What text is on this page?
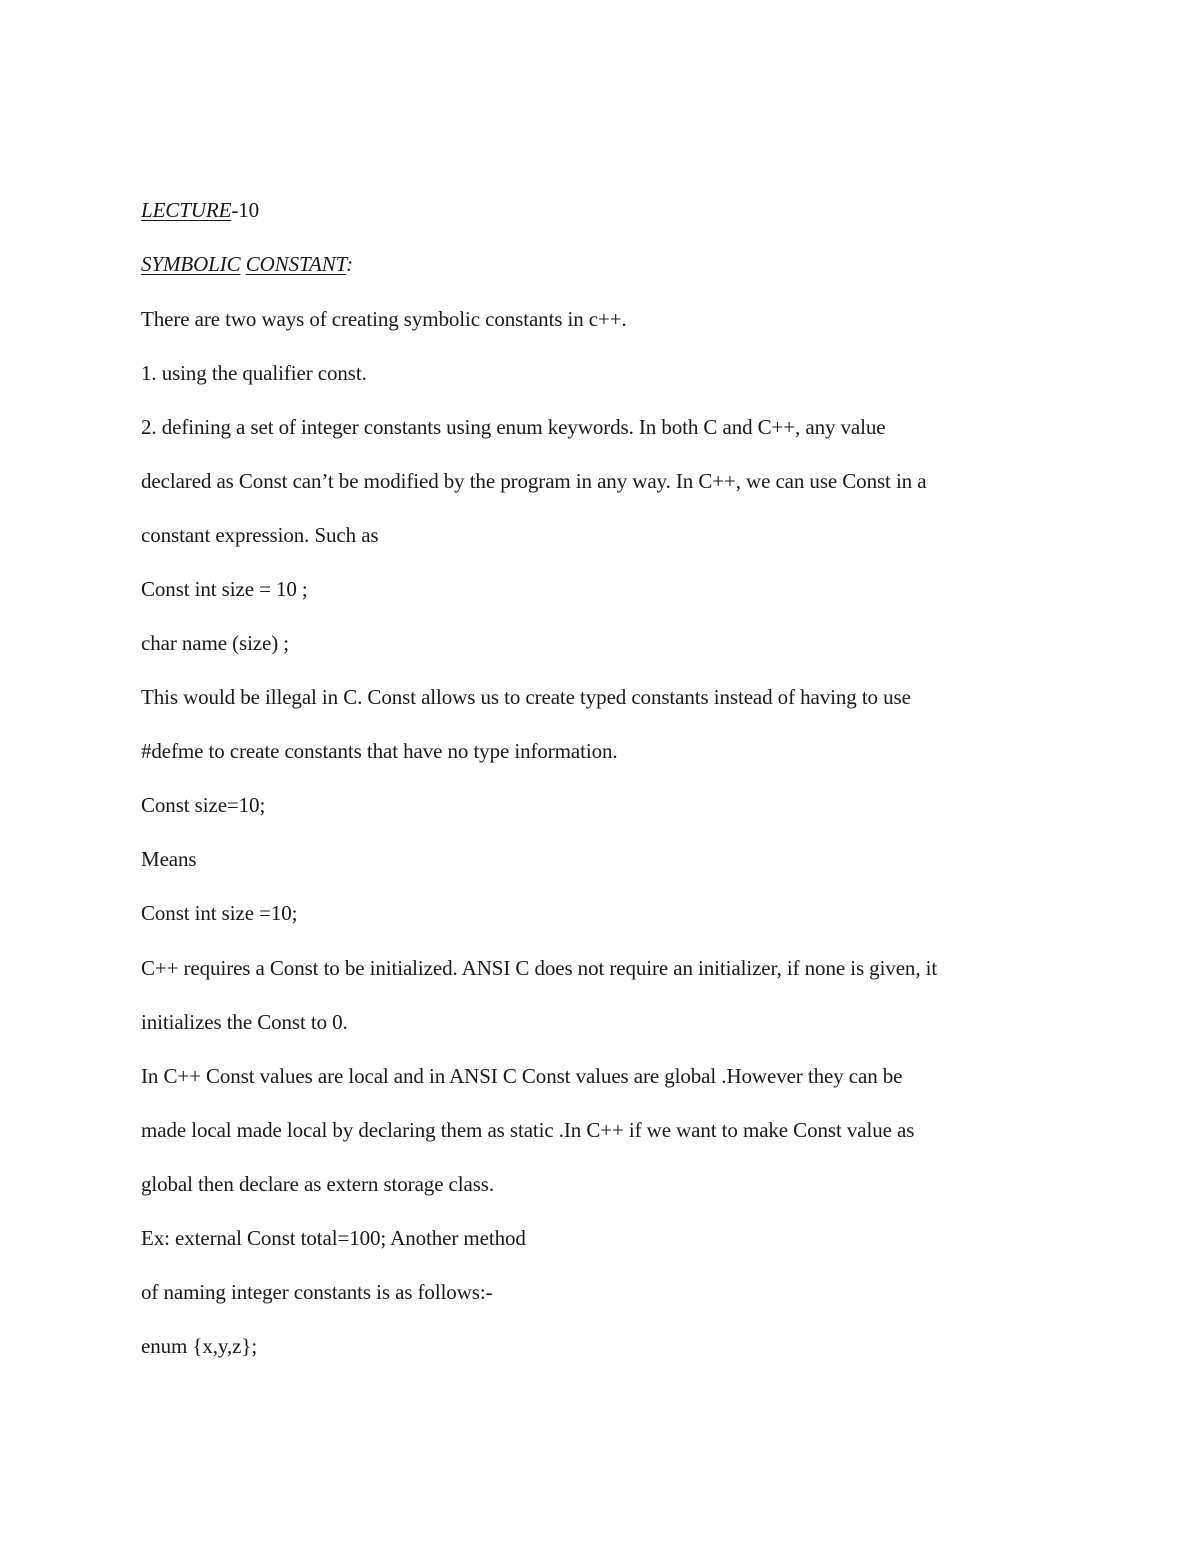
LECTURE-10
SYMBOLIC CONSTANT:
There are two ways of creating symbolic constants in c++.
1. using the qualifier const.
2. defining a set of integer constants using enum keywords. In both C and C++, any value
declared as Const can’t be modified by the program in any way. In C++, we can use Const in a
constant expression. Such as
Const int size = 10 ;
char name (size) ;
This would be illegal in C. Const allows us to create typed constants instead of having to use
#defme to create constants that have no type information.
Const size=10;
Means
Const int size =10;
C++ requires a Const to be initialized. ANSI C does not require an initializer, if none is given, it
initializes the Const to 0.
In C++ Const values are local and in ANSI C Const values are global .However they can be
made local made local by declaring them as static .In C++ if we want to make Const value as
global then declare as extern storage class.
Ex: external Const total=100; Another method
of naming integer constants is as follows:-
enum {x,y,z};
